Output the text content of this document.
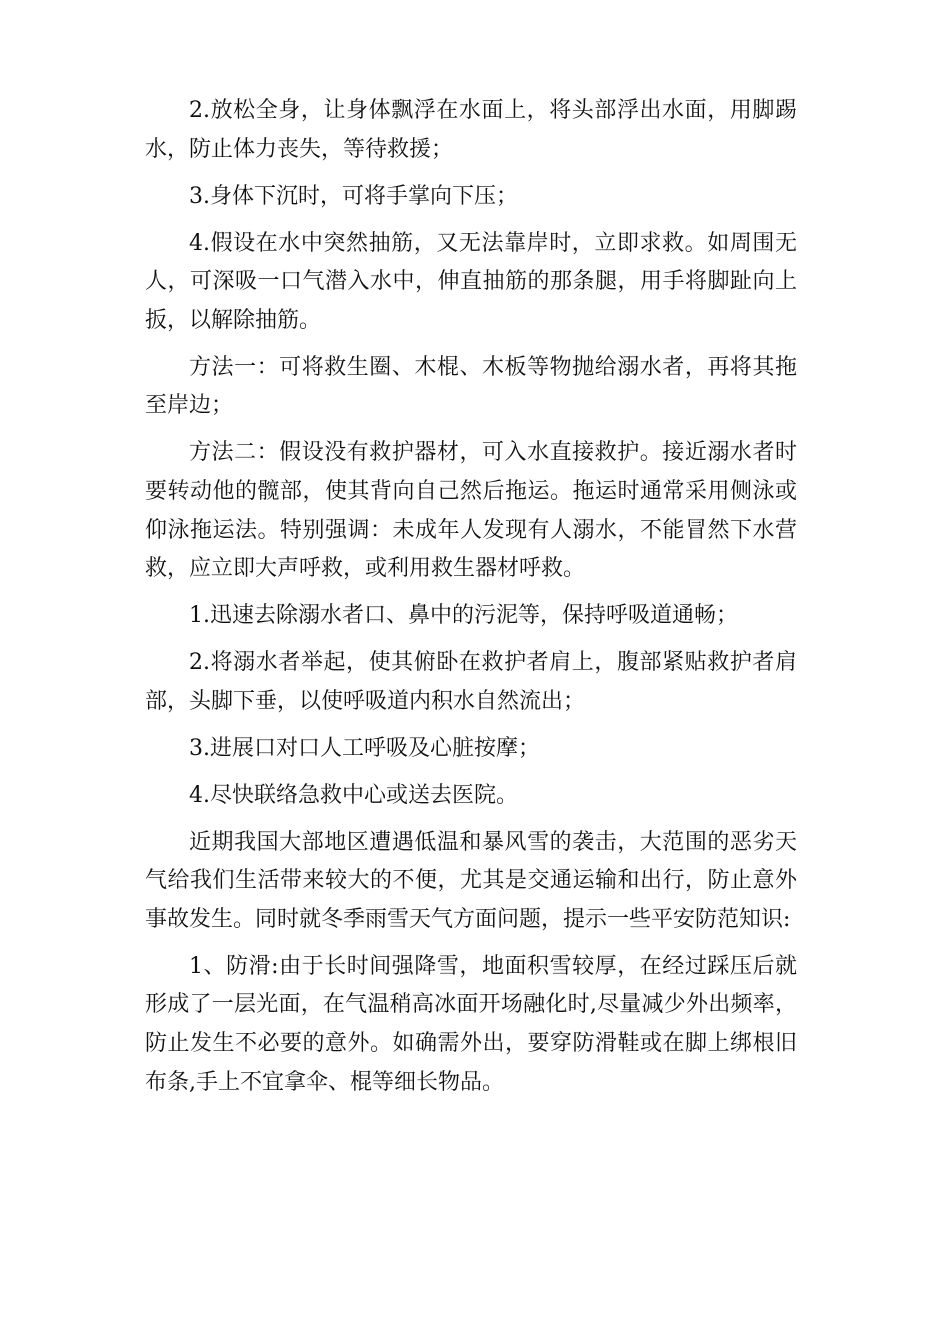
2.放松全身，让身体飘浮在水面上，将头部浮出水面，用脚踢水，防止体力丧失，等待救援；

3.身体下沉时，可将手掌向下压；

4.假设在水中突然抽筋，又无法靠岸时，立即求救。如周围无人，可深吸一口气潜入水中，伸直抽筋的那条腿，用手将脚趾向上扳，以解除抽筋。

方法一：可将救生圈、木棍、木板等物抛给溺水者，再将其拖至岸边；

方法二：假设没有救护器材，可入水直接救护。接近溺水者时要转动他的髋部，使其背向自己然后拖运。拖运时通常采用侧泳或仰泳拖运法。特别强调：未成年人发现有人溺水，不能冒然下水营救，应立即大声呼救，或利用救生器材呼救。

1.迅速去除溺水者口、鼻中的污泥等，保持呼吸道通畅；

2.将溺水者举起，使其俯卧在救护者肩上，腹部紧贴救护者肩部，头脚下垂，以使呼吸道内积水自然流出；

3.进展口对口人工呼吸及心脏按摩；

4.尽快联络急救中心或送去医院。

近期我国大部地区遭遇低温和暴风雪的袭击，大范围的恶劣天气给我们生活带来较大的不便，尤其是交通运输和出行，防止意外事故发生。同时就冬季雨雪天气方面问题，提示一些平安防范知识:

1、防滑:由于长时间强降雪，地面积雪较厚，在经过踩压后就形成了一层光面，在气温稍高冰面开场融化时,尽量减少外出频率，防止发生不必要的意外。如确需外出，要穿防滑鞋或在脚上绑根旧布条,手上不宜拿伞、棍等细长物品。
